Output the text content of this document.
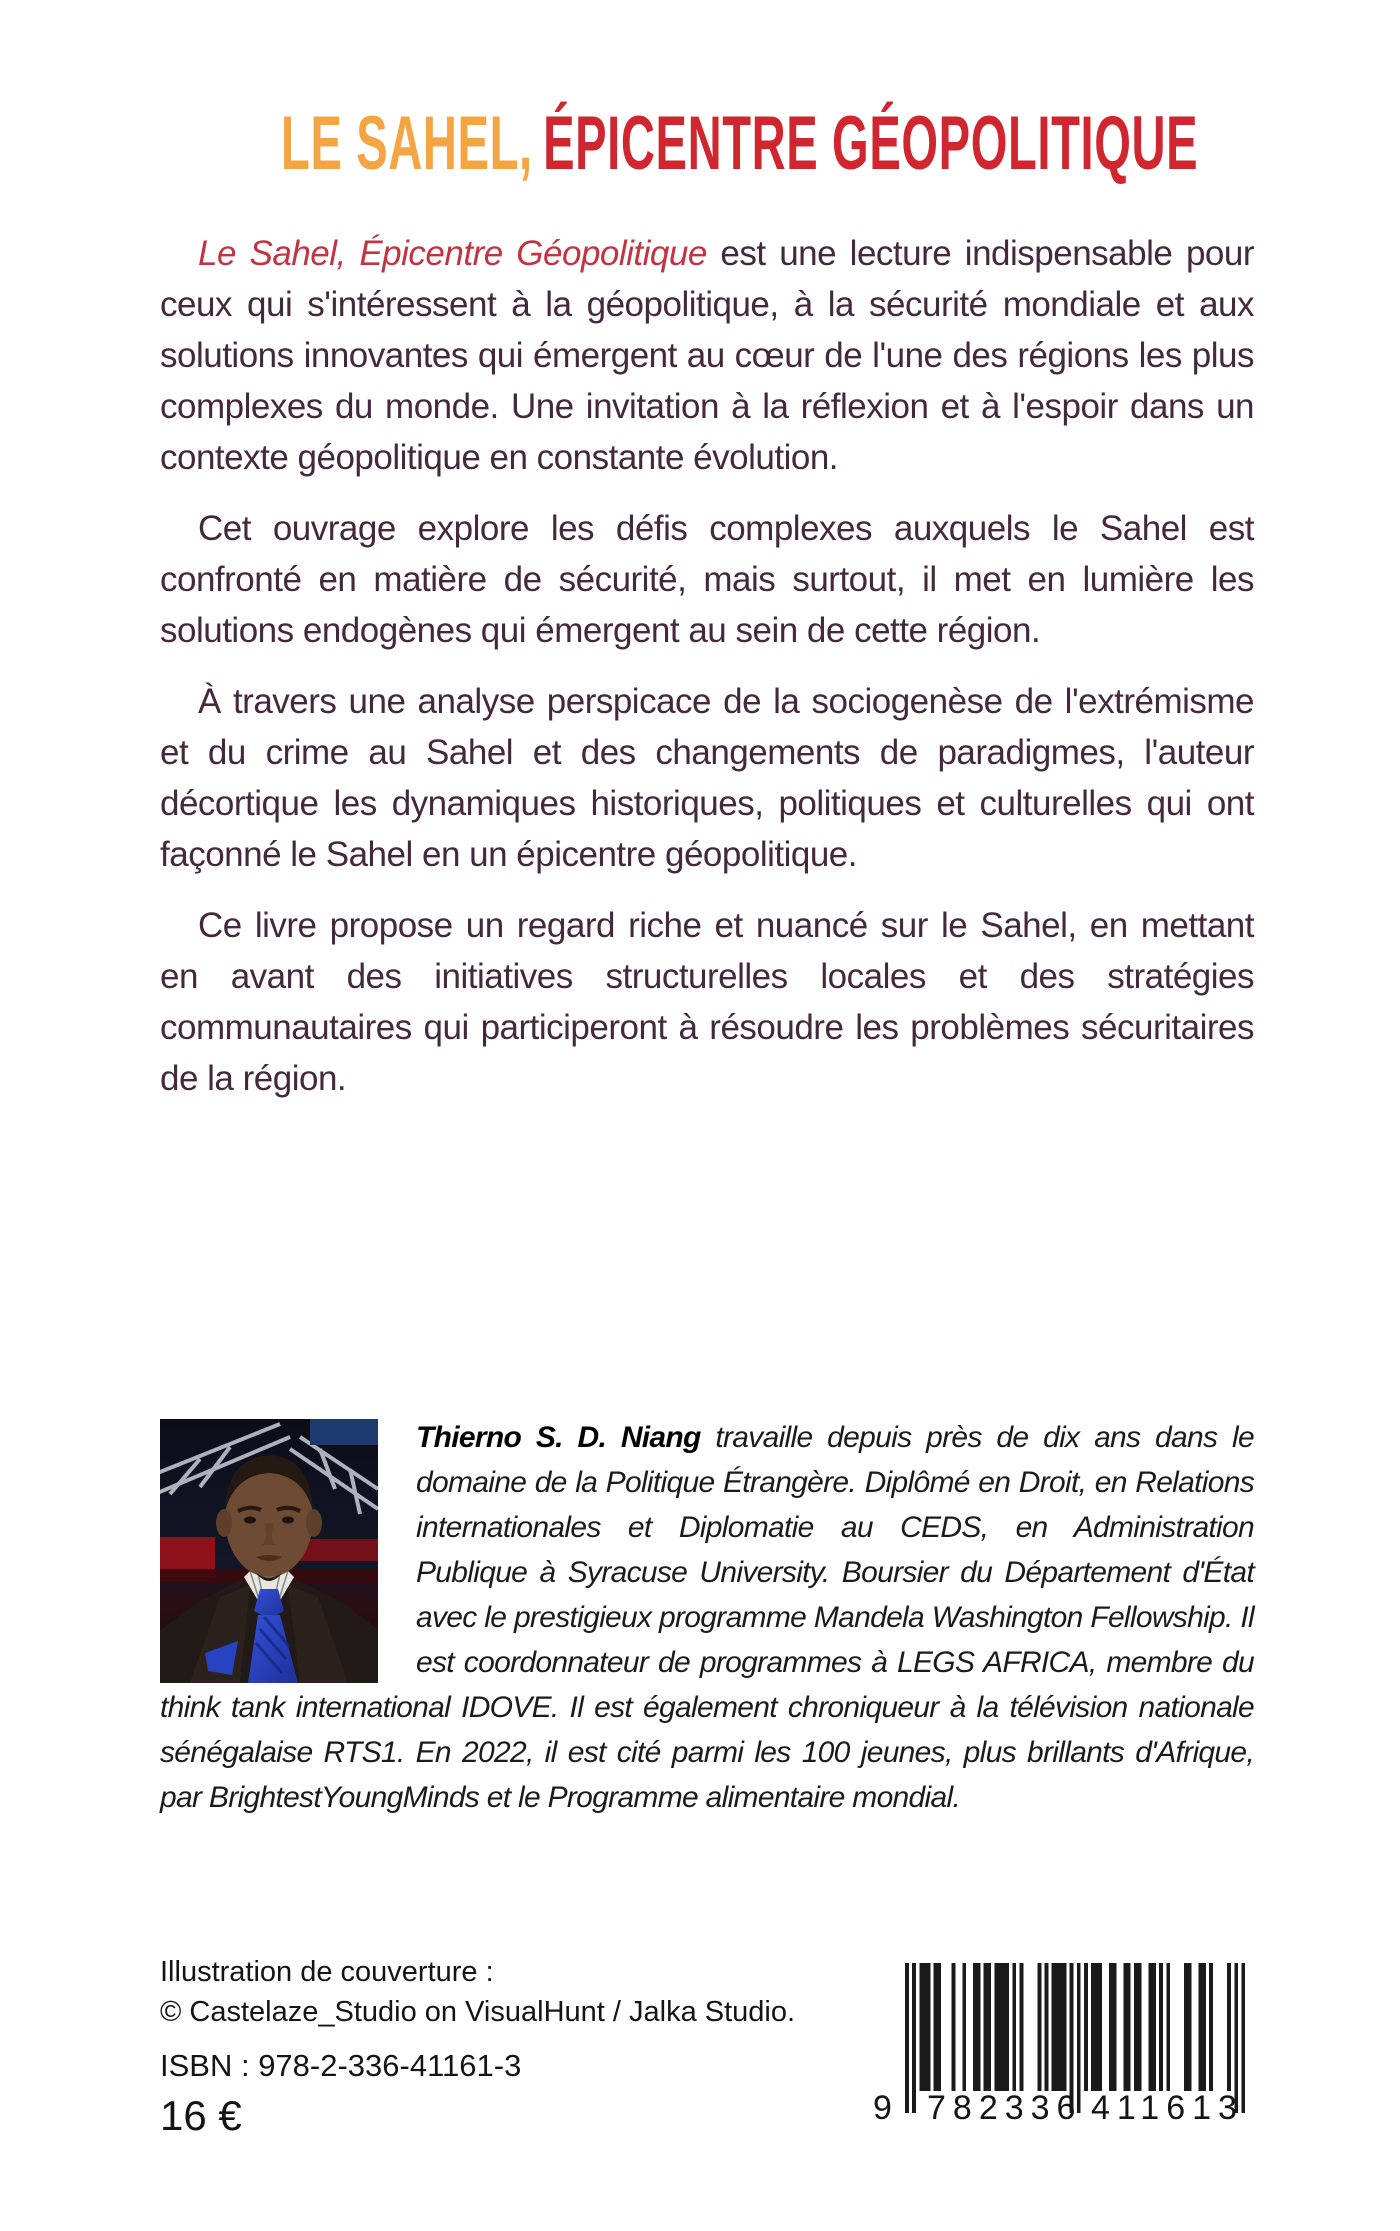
LE SAHEL, ÉPICENTRE GÉOPOLITIQUE

Le Sahel, Épicentre Géopolitique est une lecture indispensable pour ceux qui s'intéressent à la géopolitique, à la sécurité mondiale et aux solutions innovantes qui émergent au cœur de l'une des régions les plus complexes du monde. Une invitation à la réflexion et à l'espoir dans un contexte géopolitique en constante évolution.

Cet ouvrage explore les défis complexes auxquels le Sahel est confronté en matière de sécurité, mais surtout, il met en lumière les solutions endogènes qui émergent au sein de cette région.

À travers une analyse perspicace de la sociogenèse de l'extrémisme et du crime au Sahel et des changements de paradigmes, l'auteur décortique les dynamiques historiques, politiques et culturelles qui ont façonné le Sahel en un épicentre géopolitique.

Ce livre propose un regard riche et nuancé sur le Sahel, en mettant en avant des initiatives structurelles locales et des stratégies communautaires qui participeront à résoudre les problèmes sécuritaires de la région.

Thierno S. D. Niang travaille depuis près de dix ans dans le domaine de la Politique Étrangère. Diplômé en Droit, en Relations internationales et Diplomatie au CEDS, en Administration Publique à Syracuse University. Boursier du Département d'État avec le prestigieux programme Mandela Washington Fellowship. Il est coordonnateur de programmes à LEGS AFRICA, membre du think tank international IDOVE. Il est également chroniqueur à la télévision nationale sénégalaise RTS1. En 2022, il est cité parmi les 100 jeunes, plus brillants d'Afrique, par BrightestYoungMinds et le Programme alimentaire mondial.

Illustration de couverture :
© Castelaze_Studio on VisualHunt / Jalka Studio.
ISBN : 978-2-336-41161-3
16 €	9 782336 411613
